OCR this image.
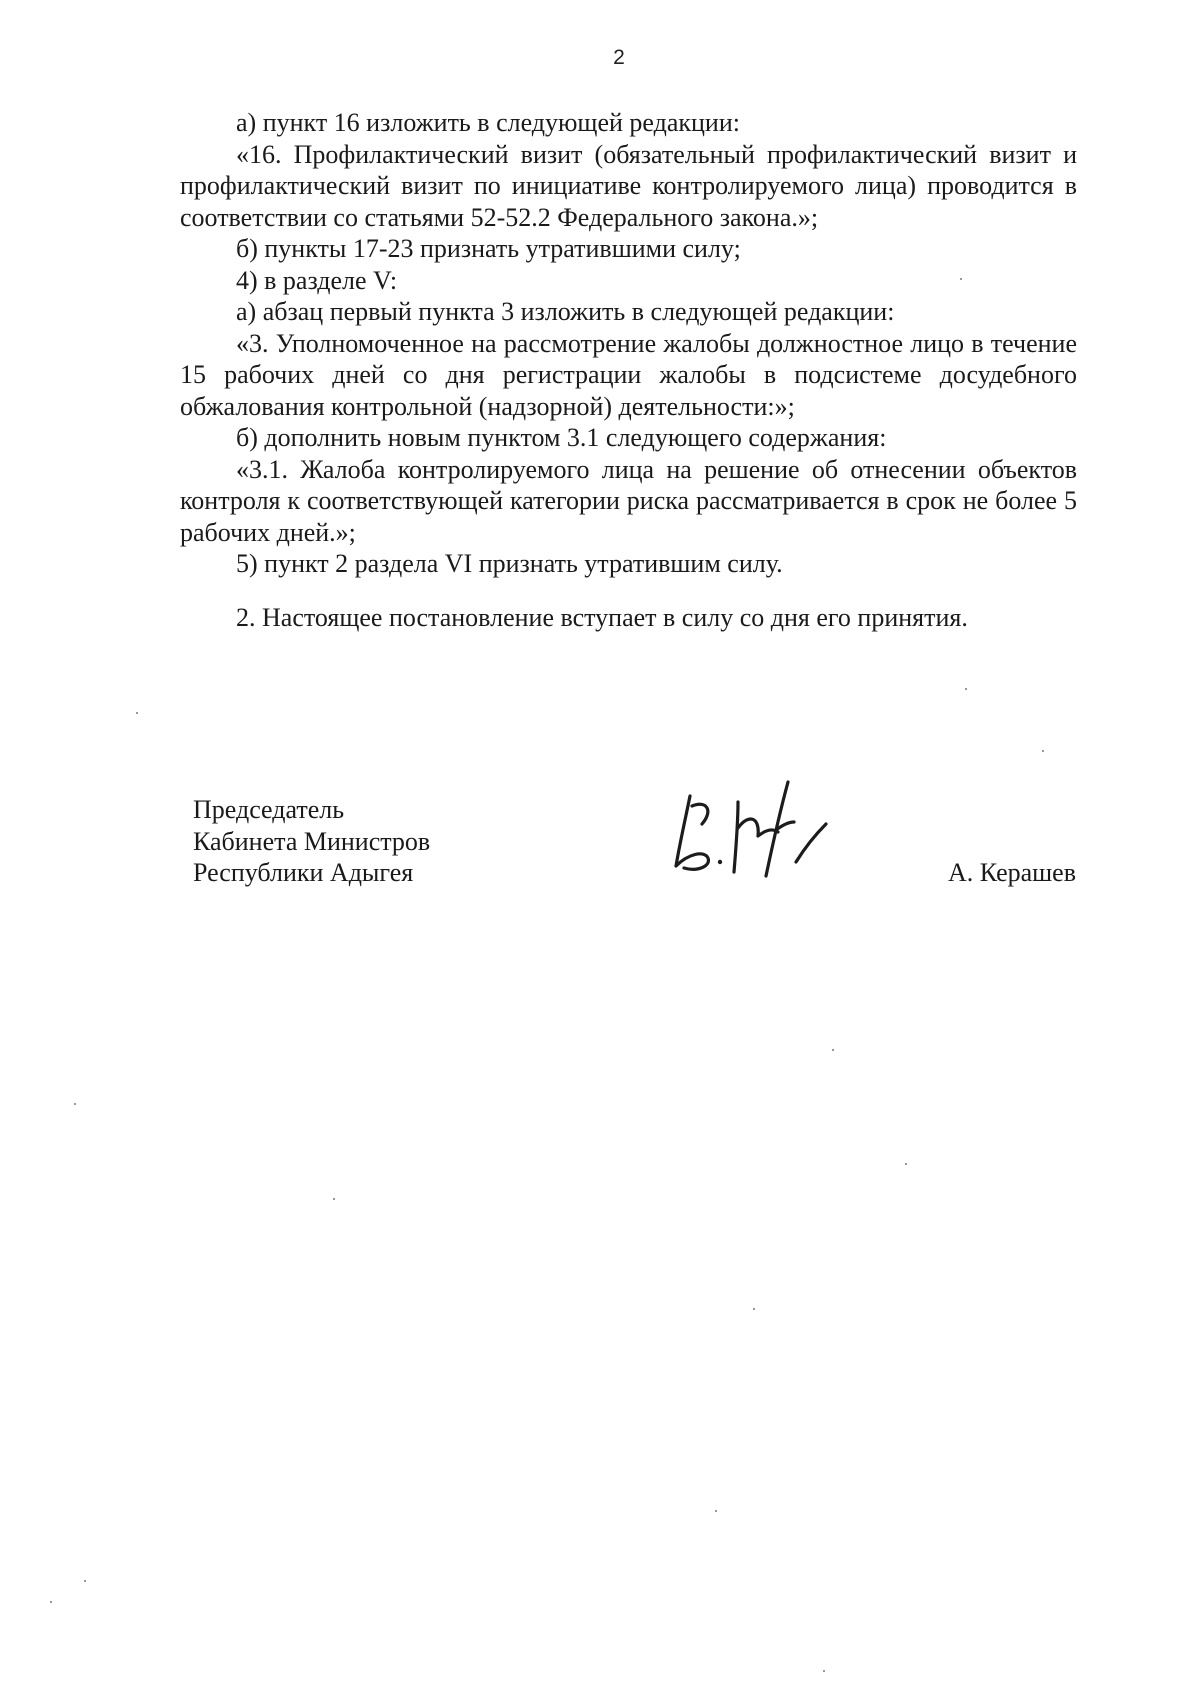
2

а) пункт 16 изложить в следующей редакции:

«16. Профилактический визит (обязательный профилактический визит и профилактический визит по инициативе контролируемого лица) проводится в соответствии со статьями 52-52.2 Федерального закона.»;

б) пункты 17-23 признать утратившими силу;

4) в разделе V:

а) абзац первый пункта 3 изложить в следующей редакции:

«3. Уполномоченное на рассмотрение жалобы должностное лицо в течение 15 рабочих дней со дня регистрации жалобы в подсистеме досудебного обжалования контрольной (надзорной) деятельности:»;

б) дополнить новым пунктом 3.1 следующего содержания:

«3.1. Жалоба контролируемого лица на решение об отнесении объектов контроля к соответствующей категории риска рассматривается в срок не более 5 рабочих дней.»;

5) пункт 2 раздела VI признать утратившим силу.

2. Настоящее постановление вступает в силу со дня его принятия.

Председатель
Кабинета Министров
Республики Адыгея	А. Керашев
